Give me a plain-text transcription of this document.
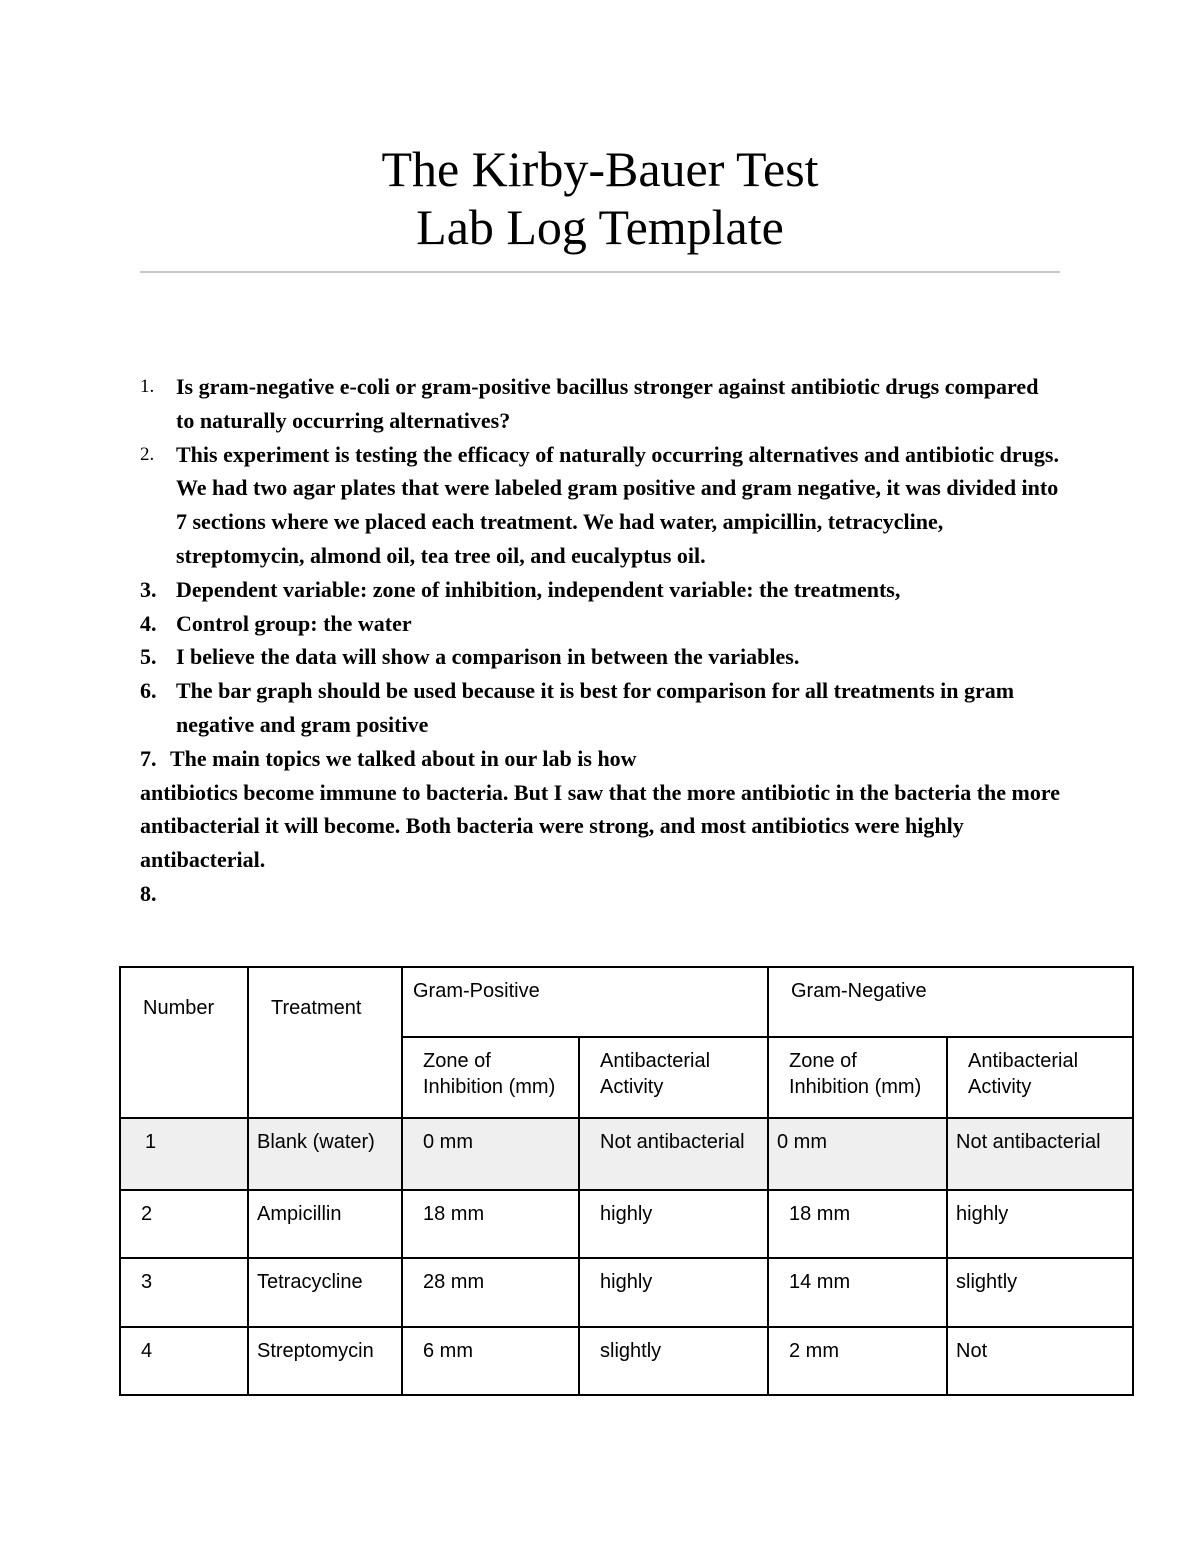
The Kirby-Bauer Test
Lab Log Template
1. Is gram-negative e-coli or gram-positive bacillus stronger against antibiotic drugs compared to naturally occurring alternatives?
2. This experiment is testing the efficacy of naturally occurring alternatives and antibiotic drugs. We had two agar plates that were labeled gram positive and gram negative, it was divided into 7 sections where we placed each treatment. We had water, ampicillin, tetracycline, streptomycin, almond oil, tea tree oil, and eucalyptus oil.
3. Dependent variable: zone of inhibition, independent variable: the treatments,
4. Control group: the water
5. I believe the data will show a comparison in between the variables.
6. The bar graph should be used because it is best for comparison for all treatments in gram negative and gram positive
7. The main topics we talked about in our lab is how
antibiotics become immune to bacteria. But I saw that the more antibiotic in the bacteria the more antibacterial it will become. Both bacteria were strong, and most antibiotics were highly antibacterial.
8.
Number	Treatment	Gram-Positive		Gram-Negative	
		Zone of Inhibition (mm)	Antibacterial Activity	Zone of Inhibition (mm)	Antibacterial Activity
1	Blank (water)	0 mm	Not antibacterial	0 mm	Not antibacterial
2	Ampicillin	18 mm	highly	18 mm	highly
3	Tetracycline	28 mm	highly	14 mm	slightly
4	Streptomycin	6 mm	slightly	2 mm	Not
